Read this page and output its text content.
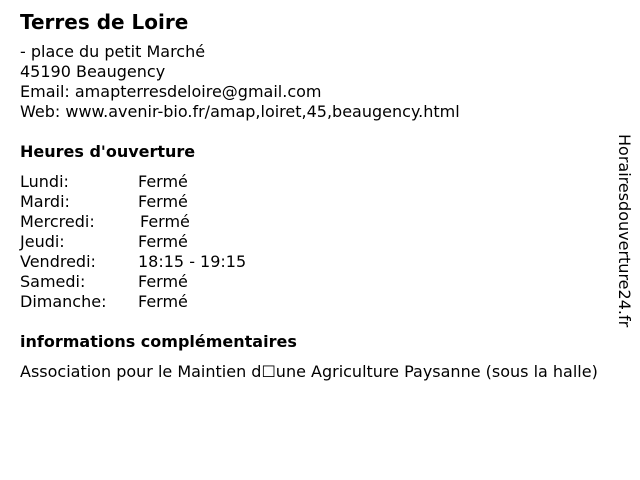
Terres de Loire
- place du petit Marché
45190 Beaugency
Email: amapterresdeloire@gmail.com
Web: www.avenir-bio.fr/amap,loiret,45,beaugency.html
Heures d'ouverture
Lundi:	Fermé
Mardi:	Fermé
Mercredi:	Fermé
Jeudi:	Fermé
Vendredi:	18:15 - 19:15
Samedi:	Fermé
Dimanche: Fermé
informations complémentaires
Association pour le Maintien d☐une Agriculture Paysanne (sous la halle)
Horairesdouverture24.fr
